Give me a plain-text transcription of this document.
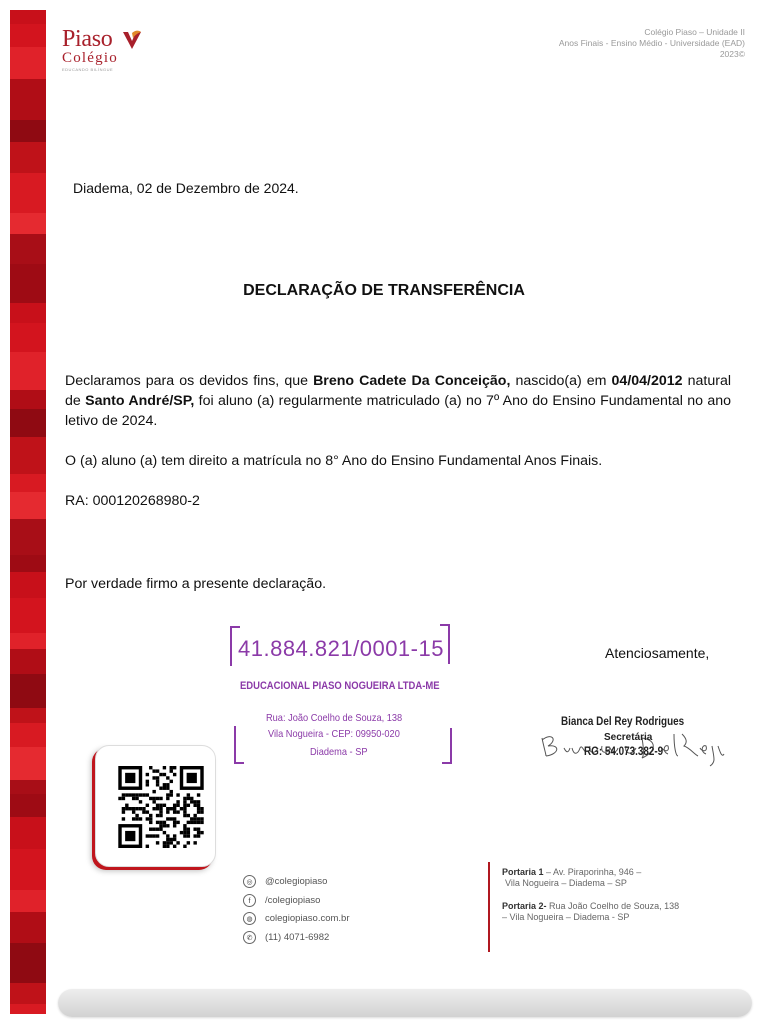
Piaso
Colégio
EDUCANDO BILÍNGUE
Colégio Piaso – Unidade II
Anos Finais - Ensino Médio - Universidade (EAD)
2023©
Diadema, 02 de Dezembro de 2024.
DECLARAÇÃO DE TRANSFERÊNCIA
Declaramos para os devidos fins, que Breno Cadete Da Conceição, nascido(a) em 04/04/2012 natural de Santo André/SP, foi aluno (a) regularmente matriculado (a) no 7º Ano do Ensino Fundamental no ano letivo de 2024.
O (a) aluno (a) tem direito a matrícula no 8° Ano do Ensino Fundamental Anos Finais.
RA: 000120268980-2
Por verdade firmo a presente declaração.
41.884.821/0001-15
EDUCACIONAL PIASO NOGUEIRA LTDA-ME
Rua: João Coelho de Souza, 138
Vila Nogueira - CEP: 09950-020
Diadema - SP
Atenciosamente,
Bianca Del Rey Rodrigues
Secretária
RG: 54.073.382-9
◎	@colegiopiaso
f	/colegiopiaso
◍	colegiopiaso.com.br
✆	(11) 4071-6982
Portaria 1 – Av. Piraporinha, 946 –
Vila Nogueira – Diadema – SP
Portaria 2- Rua João Coelho de Souza, 138
– Vila Nogueira – Diadema - SP
